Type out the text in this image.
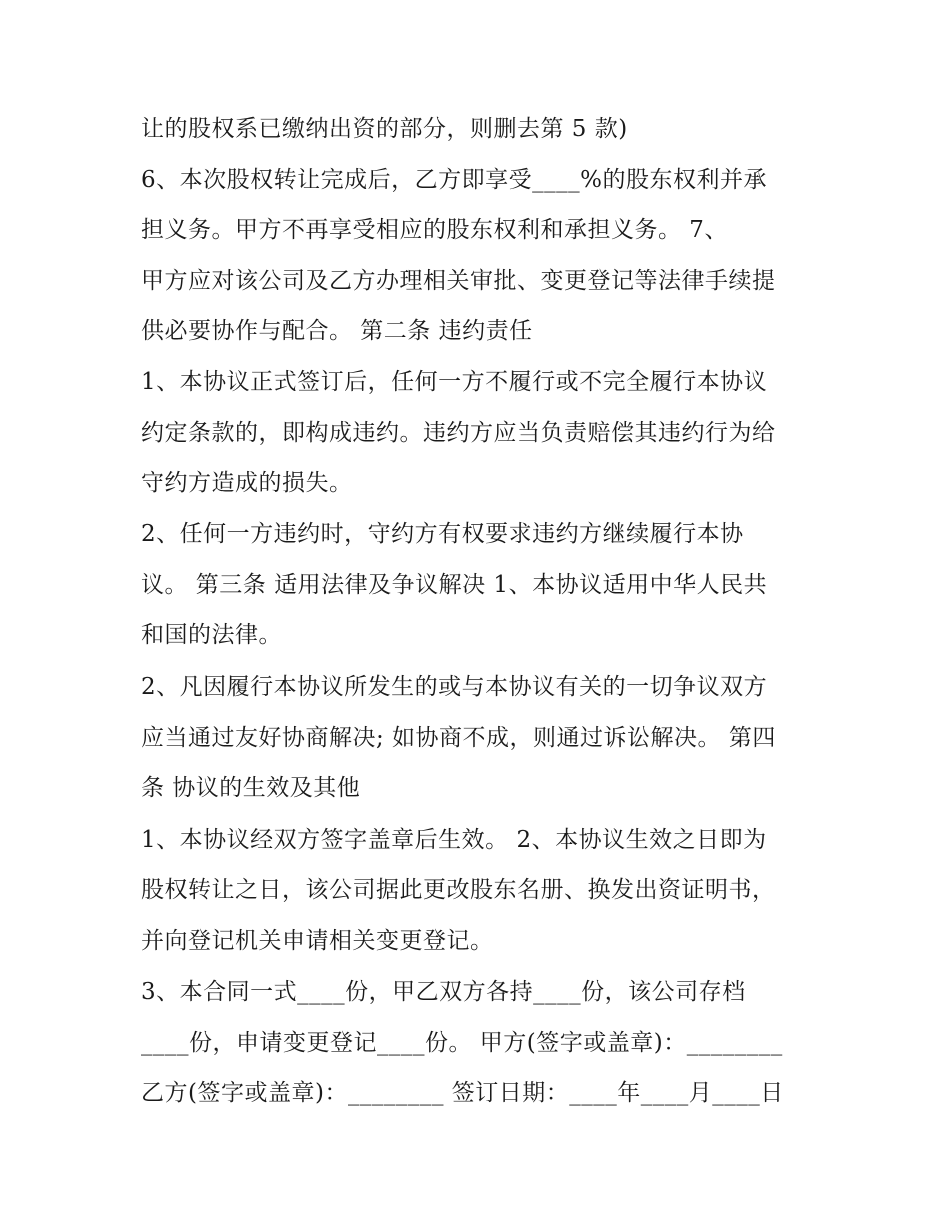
让的股权系已缴纳出资的部分，则删去第 5 款)
6、本次股权转让完成后，乙方即享受____%的股东权利并承
担义务。甲方不再享受相应的股东权利和承担义务。 7、
甲方应对该公司及乙方办理相关审批、变更登记等法律手续提
供必要协作与配合。 第二条 违约责任
1、本协议正式签订后，任何一方不履行或不完全履行本协议
约定条款的，即构成违约。违约方应当负责赔偿其违约行为给
守约方造成的损失。
2、任何一方违约时，守约方有权要求违约方继续履行本协
议。 第三条 适用法律及争议解决 1、本协议适用中华人民共
和国的法律。
2、凡因履行本协议所发生的或与本协议有关的一切争议双方
应当通过友好协商解决; 如协商不成，则通过诉讼解决。 第四
条 协议的生效及其他
1、本协议经双方签字盖章后生效。 2、本协议生效之日即为
股权转让之日，该公司据此更改股东名册、换发出资证明书，
并向登记机关申请相关变更登记。
3、本合同一式____份，甲乙双方各持____份，该公司存档
____份，申请变更登记____份。 甲方(签字或盖章)：________
乙方(签字或盖章)：________ 签订日期：____年____月____日
